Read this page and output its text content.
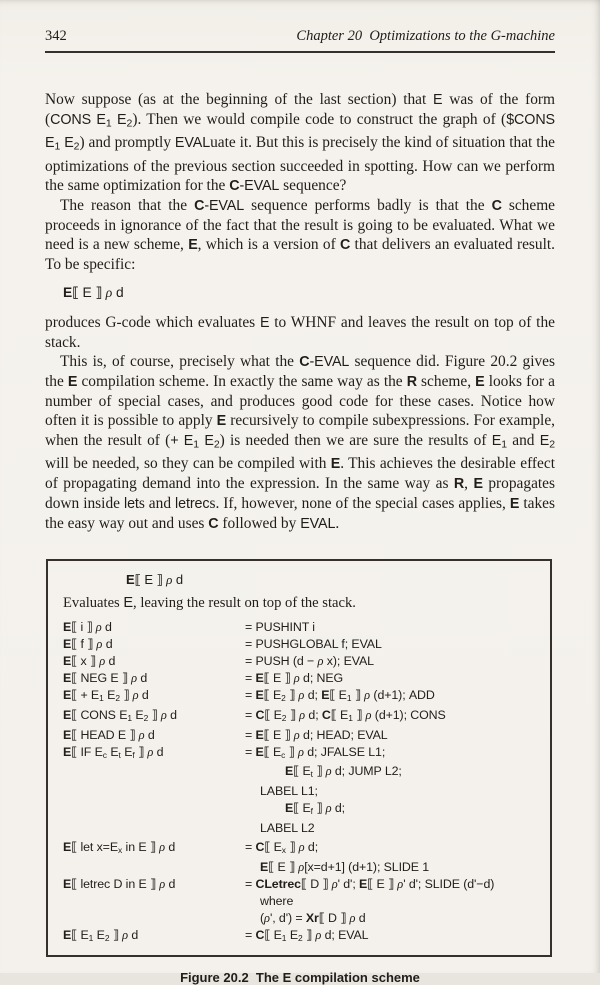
342	Chapter 20  Optimizations to the G-machine

Now suppose (as at the beginning of the last section) that E was of the form (CONS E1 E2). Then we would compile code to construct the graph of ($CONS E1 E2) and promptly EVALuate it. But this is precisely the kind of situation that the optimizations of the previous section succeeded in spotting. How can we perform the same optimization for the C-EVAL sequence?

The reason that the C-EVAL sequence performs badly is that the C scheme proceeds in ignorance of the fact that the result is going to be evaluated. What we need is a new scheme, E, which is a version of C that delivers an evaluated result. To be specific:

E⟦ E ⟧ ρ d

produces G-code which evaluates E to WHNF and leaves the result on top of the stack.

This is, of course, precisely what the C-EVAL sequence did. Figure 20.2 gives the E compilation scheme. In exactly the same way as the R scheme, E looks for a number of special cases, and produces good code for these cases. Notice how often it is possible to apply E recursively to compile subexpressions. For example, when the result of (+ E1 E2) is needed then we are sure the results of E1 and E2 will be needed, so they can be compiled with E. This achieves the desirable effect of propagating demand into the expression. In the same way as R, E propagates down inside lets and letrecs. If, however, none of the special cases applies, E takes the easy way out and uses C followed by EVAL.

E⟦ E ⟧ ρ d
Evaluates E, leaving the result on top of the stack.
E⟦ i ⟧ ρ d	= PUSHINT i
E⟦ f ⟧ ρ d	= PUSHGLOBAL f; EVAL
E⟦ x ⟧ ρ d	= PUSH (d − ρ x); EVAL
E⟦ NEG E ⟧ ρ d	= E⟦ E ⟧ ρ d; NEG
E⟦ + E1 E2 ⟧ ρ d	= E⟦ E2 ⟧ ρ d; E⟦ E1 ⟧ ρ (d+1); ADD
E⟦ CONS E1 E2 ⟧ ρ d	= C⟦ E2 ⟧ ρ d; C⟦ E1 ⟧ ρ (d+1); CONS
E⟦ HEAD E ⟧ ρ d	= E⟦ E ⟧ ρ d; HEAD; EVAL
E⟦ IF Ec Et Ef ⟧ ρ d	= E⟦ Ec ⟧ ρ d; JFALSE L1;
E⟦ Et ⟧ ρ d; JUMP L2;
LABEL L1;
E⟦ Ef ⟧ ρ d;
LABEL L2
E⟦ let x=Ex in E ⟧ ρ d	= C⟦ Ex ⟧ ρ d;
E⟦ E ⟧ ρ[x=d+1] (d+1); SLIDE 1
E⟦ letrec D in E ⟧ ρ d	= CLetrec⟦ D ⟧ ρ' d'; E⟦ E ⟧ ρ' d'; SLIDE (d'−d)
where
(ρ', d') = Xr⟦ D ⟧ ρ d
E⟦ E1 E2 ⟧ ρ d	= C⟦ E1 E2 ⟧ ρ d; EVAL
Figure 20.2  The E compilation scheme
